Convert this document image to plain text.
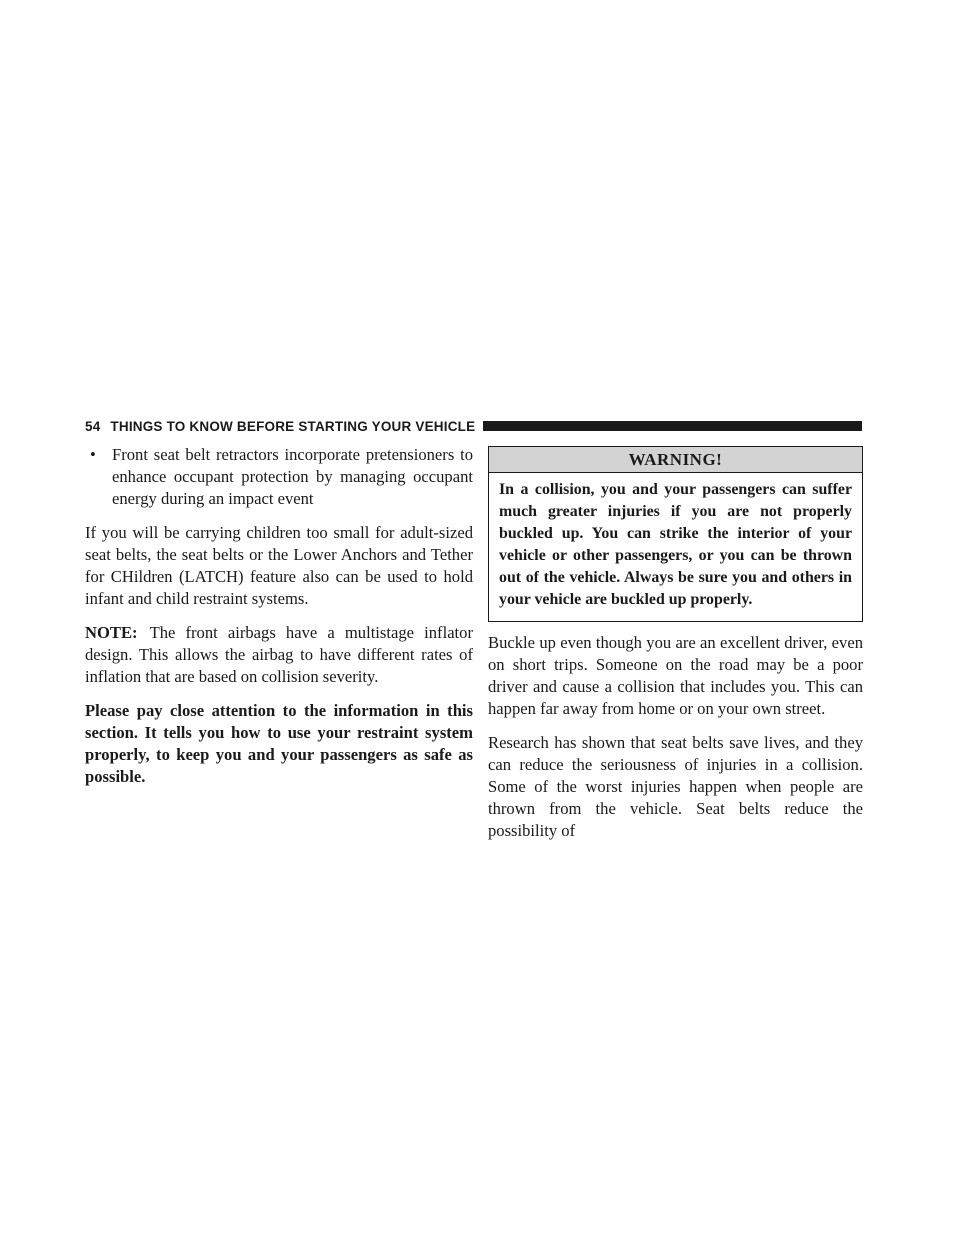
54 THINGS TO KNOW BEFORE STARTING YOUR VEHICLE
• Front seat belt retractors incorporate pretensioners to enhance occupant protection by managing occupant energy during an impact event

If you will be carrying children too small for adult-sized seat belts, the seat belts or the Lower Anchors and Tether for CHildren (LATCH) feature also can be used to hold infant and child restraint systems.

NOTE: The front airbags have a multistage inflator design. This allows the airbag to have different rates of inflation that are based on collision severity.

Please pay close attention to the information in this section. It tells you how to use your restraint system properly, to keep you and your passengers as safe as possible.

WARNING!
In a collision, you and your passengers can suffer much greater injuries if you are not properly buckled up. You can strike the interior of your vehicle or other passengers, or you can be thrown out of the vehicle. Always be sure you and others in your vehicle are buckled up properly.

Buckle up even though you are an excellent driver, even on short trips. Someone on the road may be a poor driver and cause a collision that includes you. This can happen far away from home or on your own street.

Research has shown that seat belts save lives, and they can reduce the seriousness of injuries in a collision. Some of the worst injuries happen when people are thrown from the vehicle. Seat belts reduce the possibility of
